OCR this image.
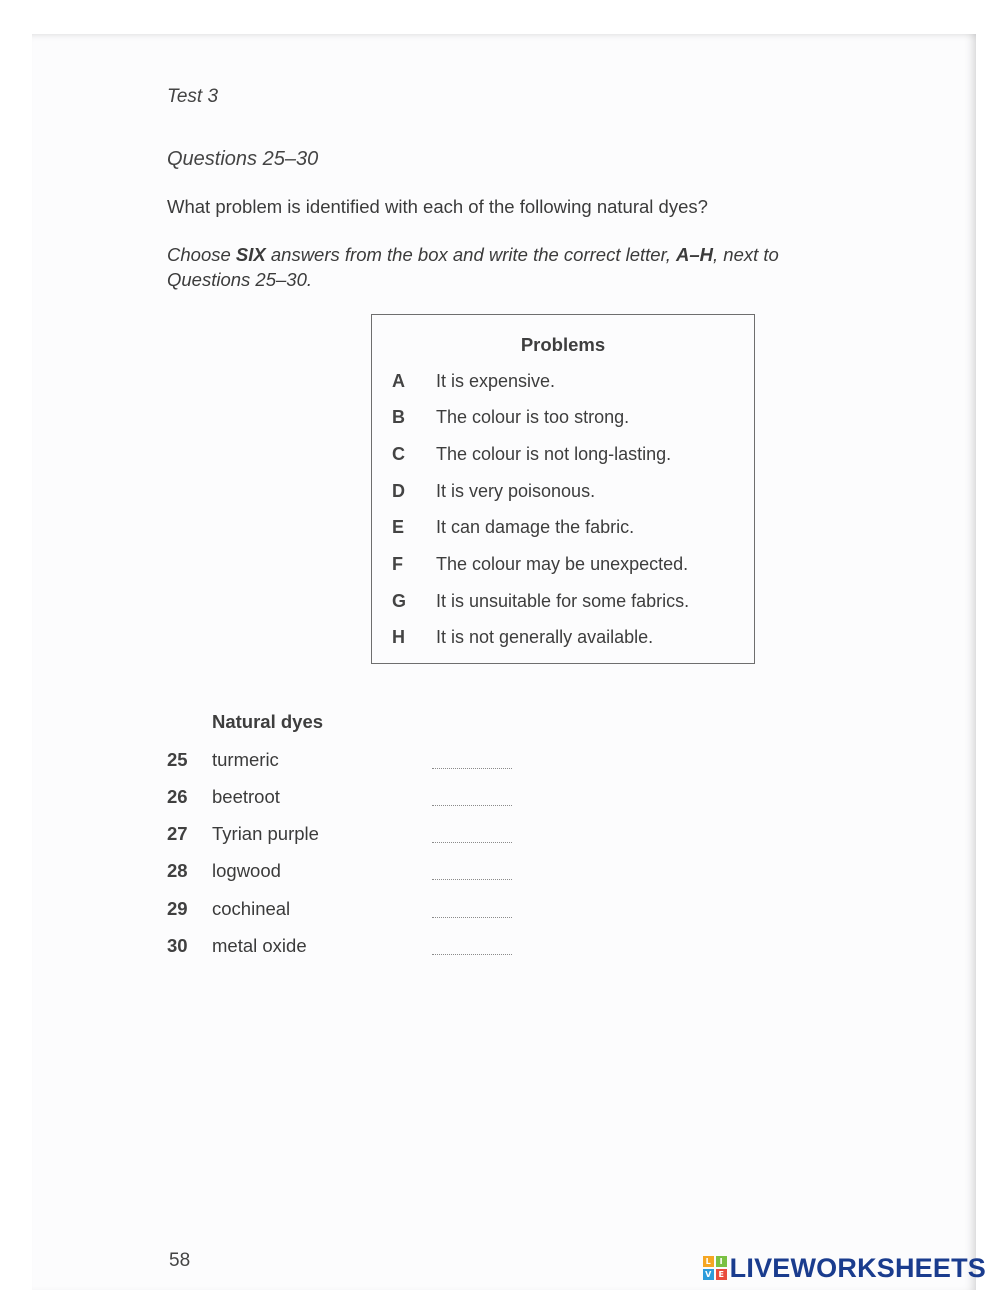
Test 3
Questions 25–30
What problem is identified with each of the following natural dyes?
Choose SIX answers from the box and write the correct letter, A–H, next to Questions 25–30.
Problems
A It is expensive.
B The colour is too strong.
C The colour is not long-lasting.
D It is very poisonous.
E It can damage the fabric.
F The colour may be unexpected.
G It is unsuitable for some fabrics.
H It is not generally available.
Natural dyes
25 turmeric
26 beetroot
27 Tyrian purple
28 logwood
29 cochineal
30 metal oxide
58	L	I
V E LIVEWORKSHEETS
